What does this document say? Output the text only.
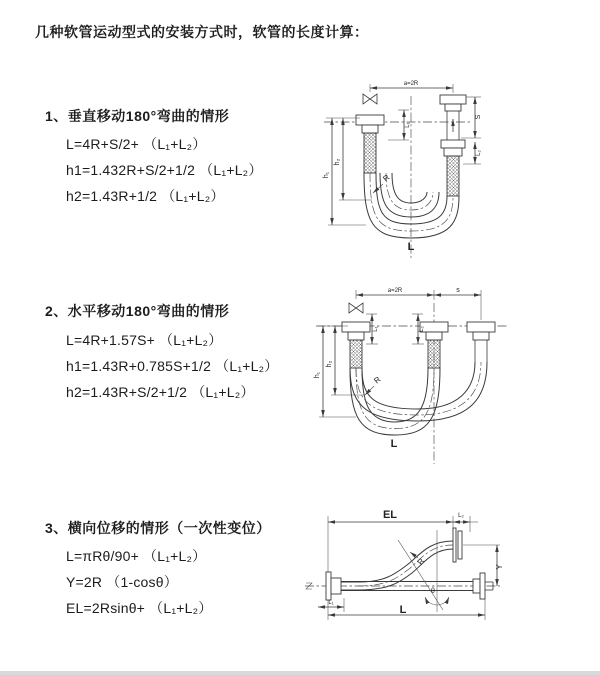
几种软管运动型式的安装方式时，软管的长度计算：
1、垂直移动180°弯曲的情形
L=4R+S/2+ （L₁+L₂）
h1=1.432R+S/2+1/2 （L₁+L₂）
h2=1.43R+1/2 （L₁+L₂）
a=2R
h₁
h₂
L₁
S
L₂
R
L
2、水平移动180°弯曲的情形
L=4R+1.57S+ （L₁+L₂）
h1=1.43R+0.785S+1/2 （L₁+L₂）
h2=1.43R+S/2+1/2 （L₁+L₂）
a=2R	s
h₁
h₂
L₁	L₂
R
L
3、横向位移的情形（一次性变位）
L=πRθ/90+ （L₁+L₂）
Y=2R （1-cosθ）
EL=2Rsinθ+ （L₁+L₂）
EL	L₂
θ
R
Y
L₁
L
